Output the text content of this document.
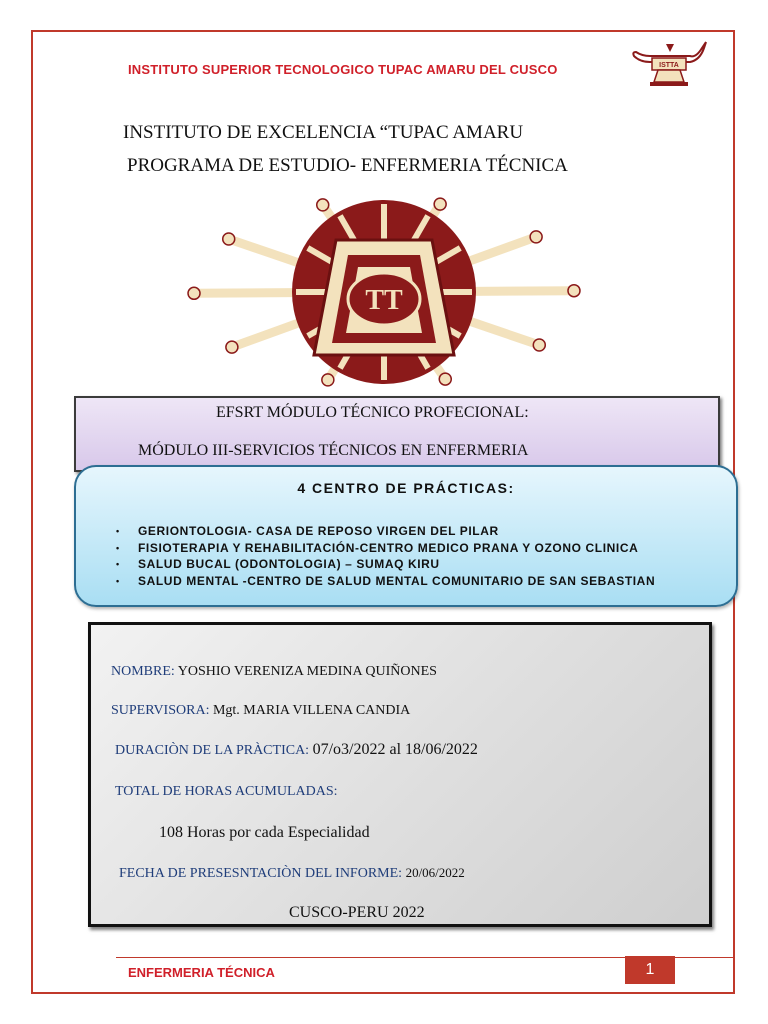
INSTITUTO SUPERIOR TECNOLOGICO TUPAC AMARU DEL CUSCO	ISTTA
INSTITUTO DE EXCELENCIA “TUPAC AMARU
PROGRAMA DE ESTUDIO- ENFERMERIA TÉCNICA
TT
EFSRT MÓDULO TÉCNICO PROFECIONAL:
MÓDULO III-SERVICIOS TÉCNICOS EN ENFERMERIA
4 CENTRO DE PRÁCTICAS:
• GERIONTOLOGIA- CASA DE REPOSO VIRGEN DEL PILAR
• FISIOTERAPIA Y REHABILITACIÓN-CENTRO MEDICO PRANA Y OZONO CLINICA
• SALUD BUCAL (ODONTOLOGIA) – SUMAQ KIRU
• SALUD MENTAL -CENTRO DE SALUD MENTAL COMUNITARIO DE SAN SEBASTIAN
NOMBRE: YOSHIO VERENIZA MEDINA QUIÑONES
SUPERVISORA: Mgt. MARIA VILLENA CANDIA
DURACIÒN DE LA PRÀCTICA: 07/o3/2022 al 18/06/2022
TOTAL DE HORAS ACUMULADAS:
108 Horas por cada Especialidad
FECHA DE PRESESNTACIÒN DEL INFORME: 20/06/2022
CUSCO-PERU 2022
ENFERMERIA TÉCNICA	1
